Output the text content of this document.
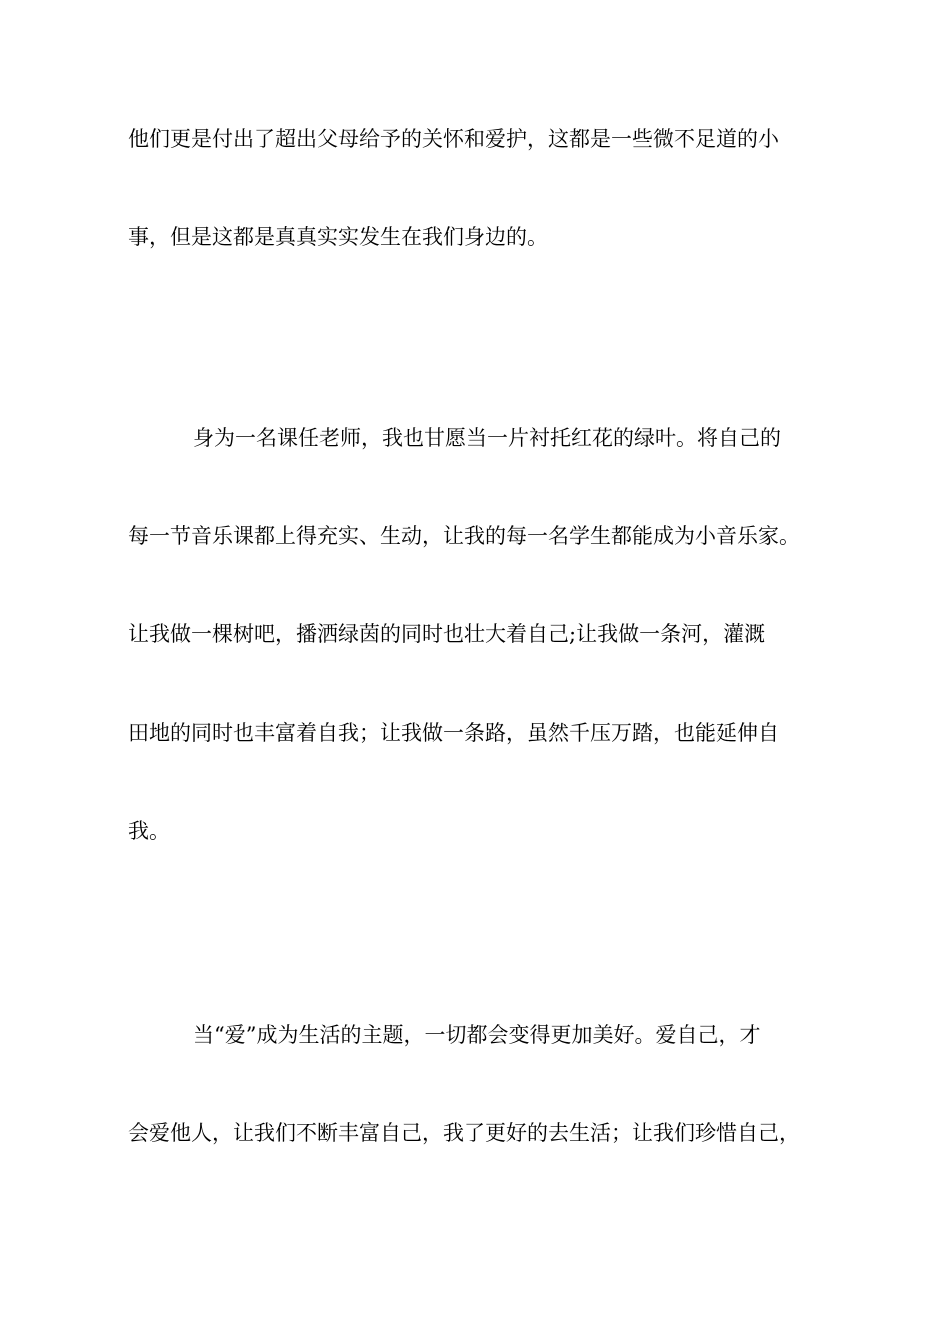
他们更是付出了超出父母给予的关怀和爱护，这都是一些微不足道的小
事，但是这都是真真实实发生在我们身边的。
身为一名课任老师，我也甘愿当一片衬托红花的绿叶。将自己的
每一节音乐课都上得充实、生动，让我的每一名学生都能成为小音乐家。
让我做一棵树吧，播洒绿茵的同时也壮大着自己;让我做一条河，灌溉
田地的同时也丰富着自我；让我做一条路，虽然千压万踏，也能延伸自
我。
当“爱”成为生活的主题，一切都会变得更加美好。爱自己，才
会爱他人，让我们不断丰富自己，我了更好的去生活；让我们珍惜自己，
